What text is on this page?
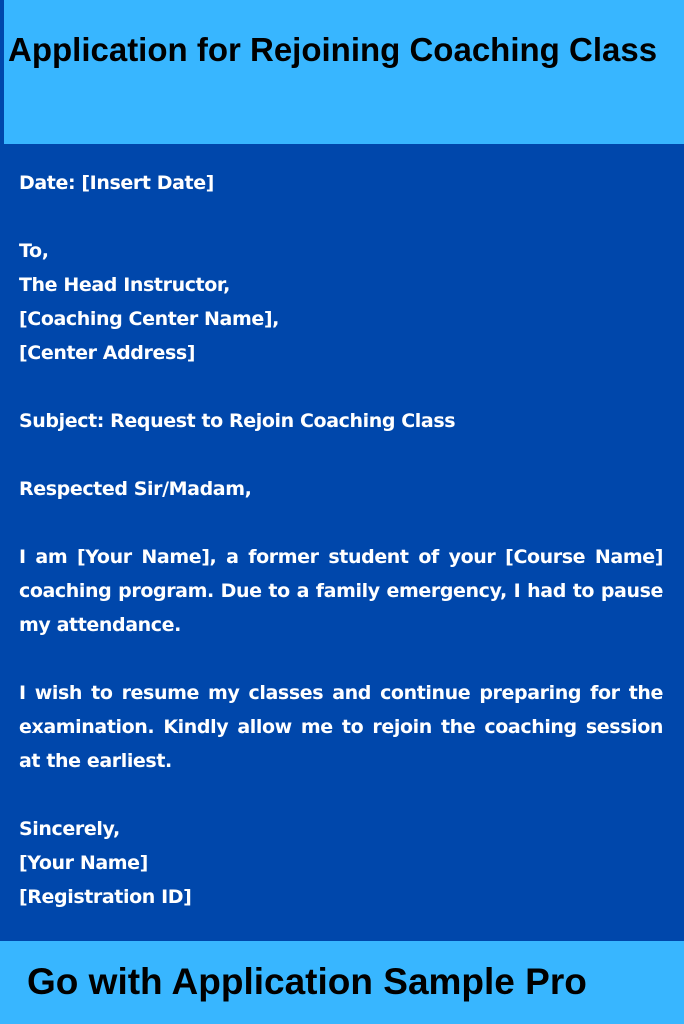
Application for Rejoining Coaching Class
Date: [Insert Date]
To,
The Head Instructor,
[Coaching Center Name],
[Center Address]
Subject: Request to Rejoin Coaching Class
Respected Sir/Madam,

I am [Your Name], a former student of your [Course Name] coaching program. Due to a family emergency, I had to pause my attendance.

I wish to resume my classes and continue preparing for the examination. Kindly allow me to rejoin the coaching session at the earliest.

Sincerely,
[Your Name]
[Registration ID]
Go with Application Sample Pro
